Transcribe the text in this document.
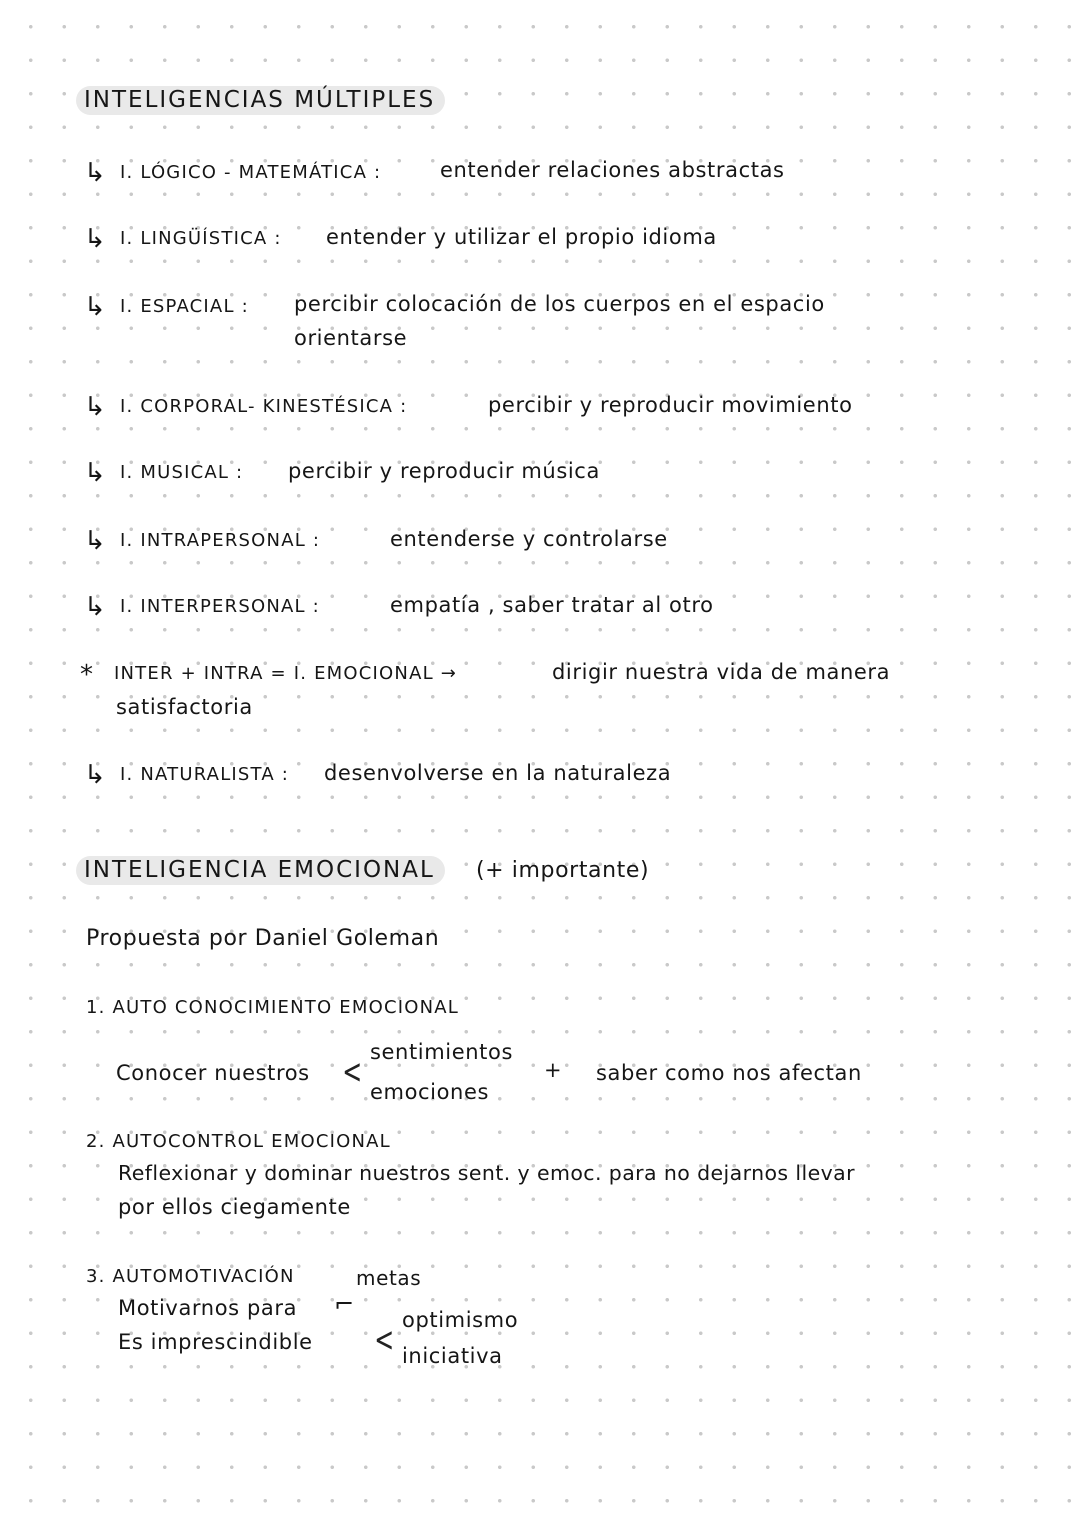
INTELIGENCIAS MÚLTIPLES
↳ I. LÓGICO - MATEMÁTICA :	entender relaciones abstractas
↳ I. LINGÜÍSTICA : entender y utilizar el propio idioma
↳ I. ESPACIAL : percibir colocación de los cuerpos en el espacio
orientarse
↳ I. CORPORAL- KINESTÉSICA :	percibir y reproducir movimiento
↳ I. MUSICAL : percibir y reproducir música
↳ I. INTRAPERSONAL :	entenderse y controlarse
↳ I. INTERPERSONAL :	empatía , saber tratar al otro
* INTER + INTRA = I. EMOCIONAL →	dirigir nuestra vida de manera
satisfactoria
↳ I. NATURALISTA : desenvolverse en la naturaleza
INTELIGENCIA EMOCIONAL	(+ importante)
Propuesta por Daniel Goleman
1. AUTO CONOCIMIENTO EMOCIONAL
Conocer nuestros < sentimientos
emociones
+ saber como nos afectan
2. AUTOCONTROL EMOCIONAL
Reflexionar y dominar nuestros sent. y emoc. para no dejarnos llevar
por ellos ciegamente
3. AUTOMOTIVACIÓN	metas
Motivarnos para ⌐
Es imprescindible < optimismo
iniciativa
